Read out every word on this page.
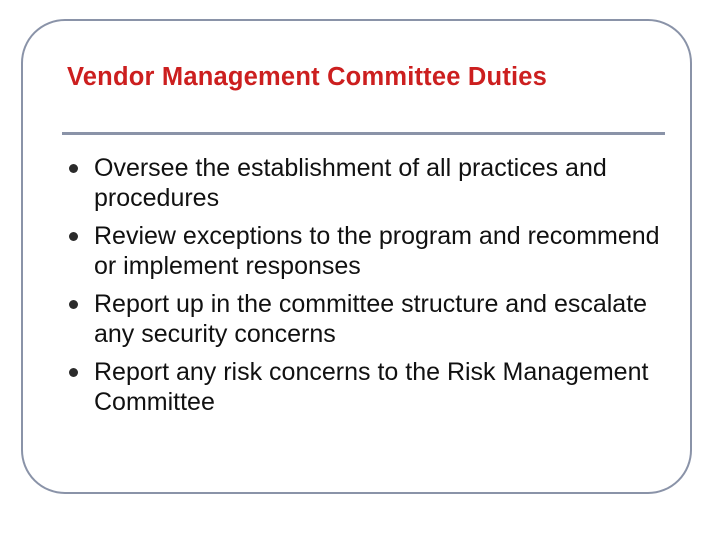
Vendor Management Committee Duties
Oversee the establishment of all practices and procedures
Review exceptions to the program and recommend or implement responses
Report up in the committee structure and escalate any security concerns
Report any risk concerns to the Risk Management Committee
